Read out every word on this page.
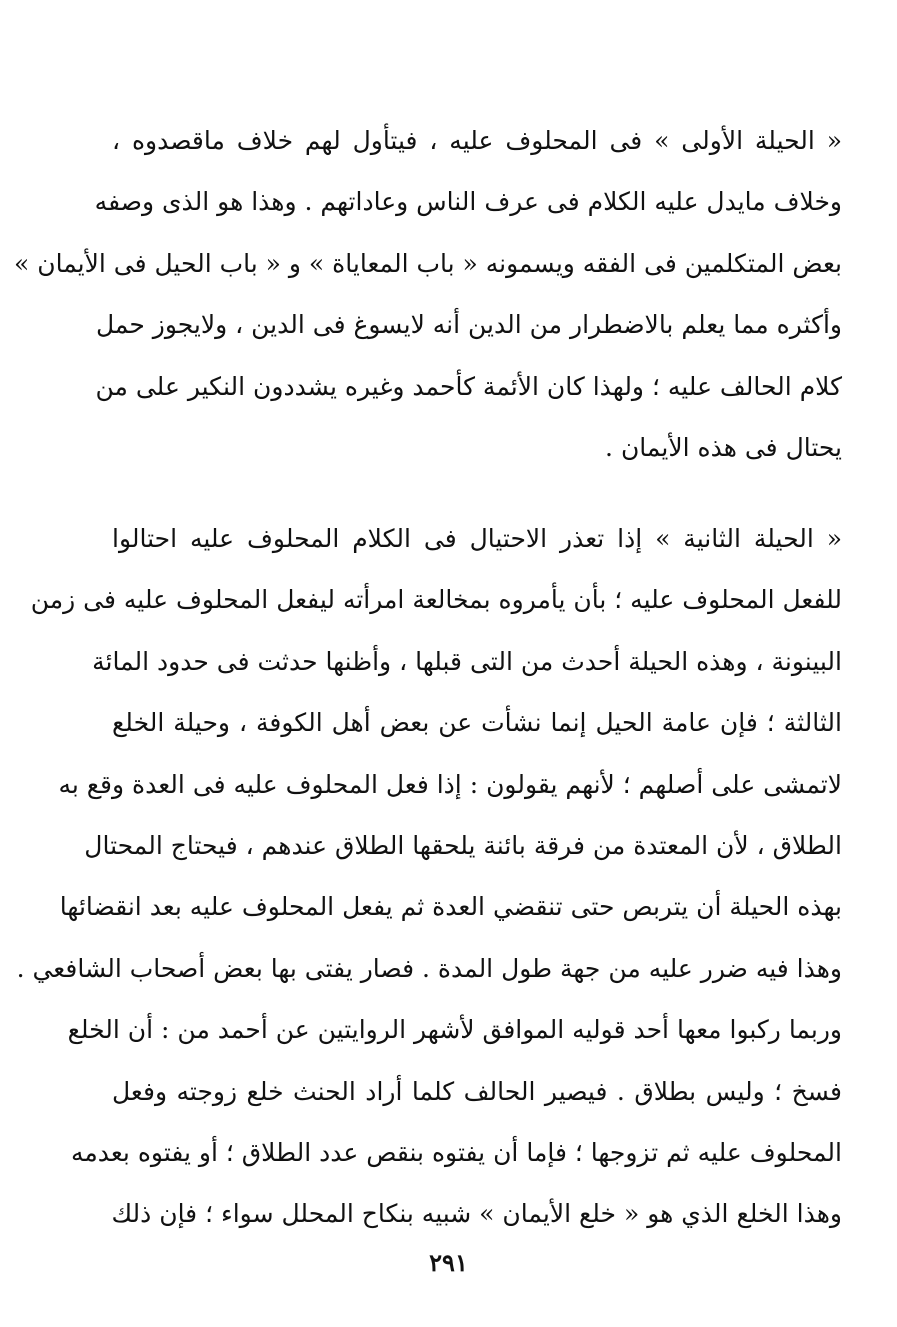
« الحيلة الأولى » فى المحلوف عليه ، فيتأول لهم خلاف ماقصدوه ،
وخلاف مايدل عليه الكلام فى عرف الناس وعاداتهم . وهذا هو الذى وصفه
بعض المتكلمين فى الفقه ويسمونه « باب المعاياة » و « باب الحيل فى الأيمان »
وأكثره مما يعلم بالاضطرار من الدين أنه لايسوغ فى الدين ، ولايجوز حمل
كلام الحالف عليه ؛ ولهذا كان الأئمة كأحمد وغيره يشددون النكير على من
يحتال فى هذه الأيمان .
« الحيلة الثانية » إذا تعذر الاحتيال فى الكلام المحلوف عليه احتالوا
للفعل المحلوف عليه ؛ بأن يأمروه بمخالعة امرأته ليفعل المحلوف عليه فى زمن
البينونة ، وهذه الحيلة أحدث من التى قبلها ، وأظنها حدثت فى حدود المائة
الثالثة ؛ فإن عامة الحيل إنما نشأت عن بعض أهل الكوفة ، وحيلة الخلع
لاتمشى على أصلهم ؛ لأنهم يقولون : إذا فعل المحلوف عليه فى العدة وقع به
الطلاق ، لأن المعتدة من فرقة بائنة يلحقها الطلاق عندهم ، فيحتاج المحتال
بهذه الحيلة أن يتربص حتى تنقضي العدة ثم يفعل المحلوف عليه بعد انقضائها
وهذا فيه ضرر عليه من جهة طول المدة . فصار يفتى بها بعض أصحاب الشافعي .
وربما ركبوا معها أحد قوليه الموافق لأشهر الروايتين عن أحمد من : أن الخلع
فسخ ؛ وليس بطلاق . فيصير الحالف كلما أراد الحنث خلع زوجته وفعل
المحلوف عليه ثم تزوجها ؛ فإما أن يفتوه بنقص عدد الطلاق ؛ أو يفتوه بعدمه
وهذا الخلع الذي هو « خلع الأيمان » شبيه بنكاح المحلل سواء ؛ فإن ذلك
٢٩١
